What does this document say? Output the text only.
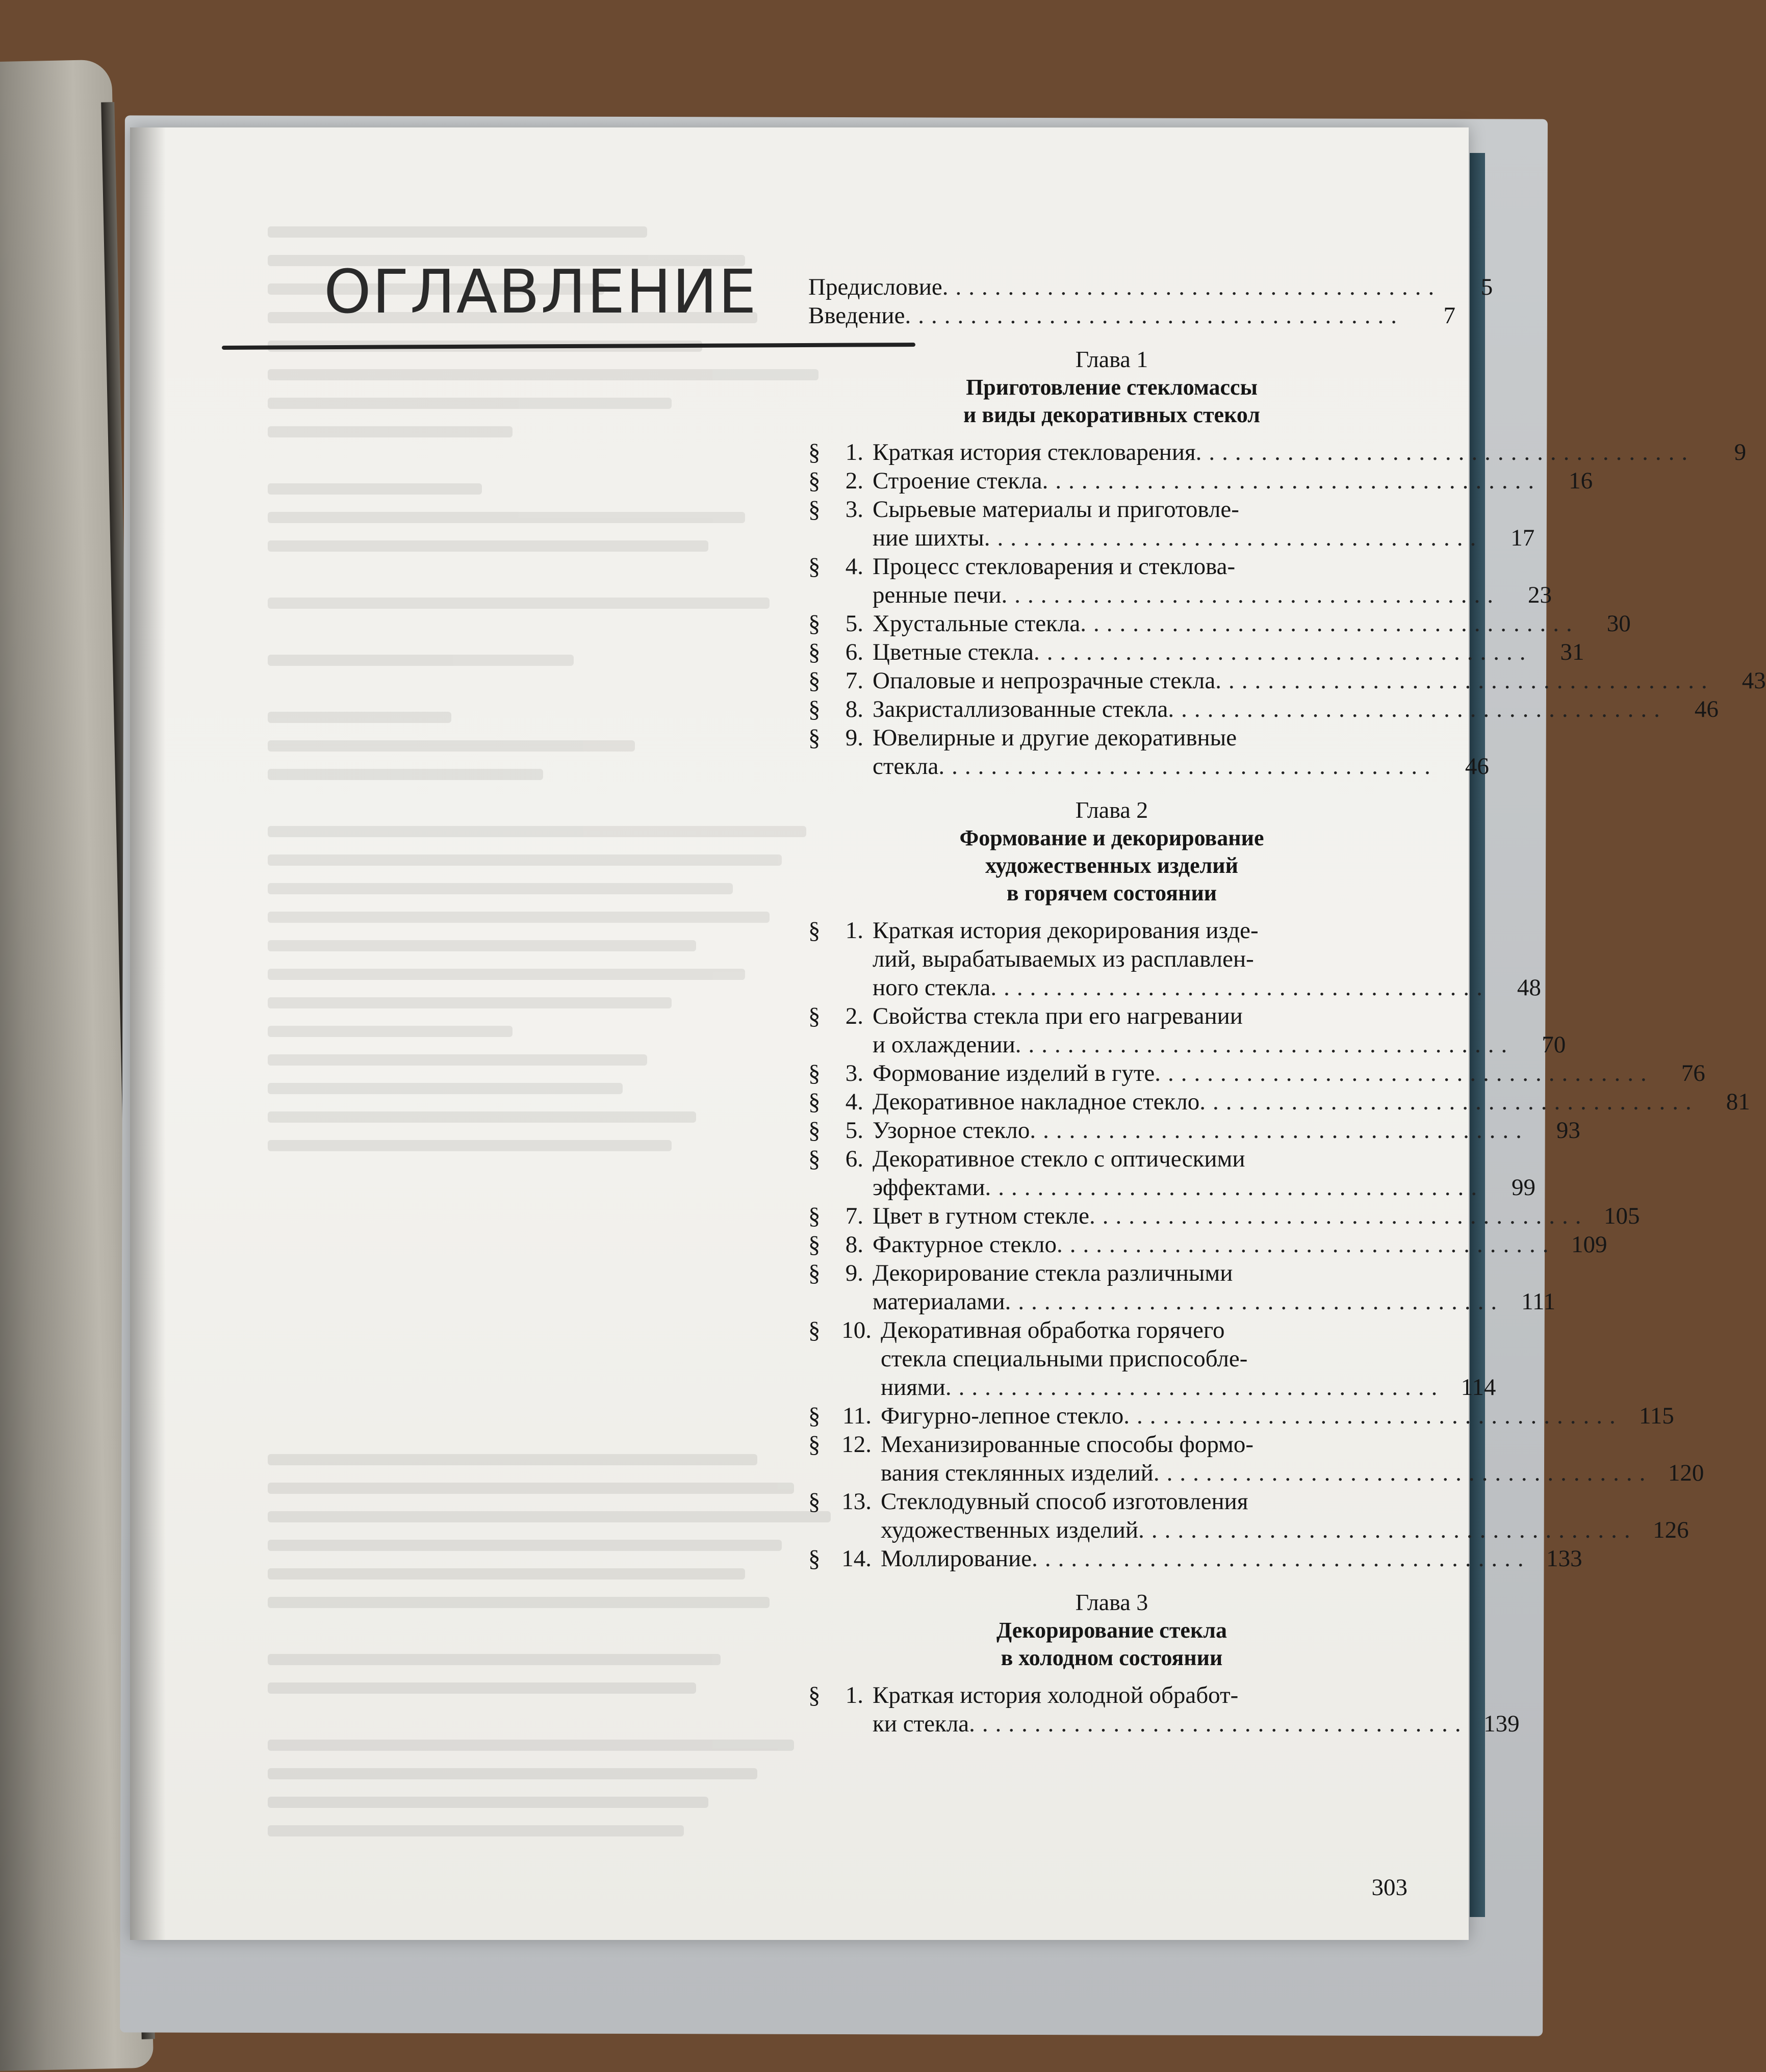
ОГЛАВЛЕНИЕ	Предисловие ......................................	5
Введение ......................................	7
Глава 1
Приготовление стекломассы
и виды декоративных стекол
§	1. Краткая история стекловарения ......................................	9
§	2. Строение стекла ......................................	16
§	3. Сырьевые материалы и приготовле-
ние шихты ......................................	17
§	4. Процесс стекловарения и стеклова-
ренные печи ......................................	23
§	5. Хрустальные стекла ......................................	30
§	6. Цветные стекла ......................................	31
§	7. Опаловые и непрозрачные стекла ......................................	43
§	8. Закристаллизованные стекла ......................................	46
§	9. Ювелирные и другие декоративные
стекла ......................................	46
Глава 2
Формование и декорирование
художественных изделий
в горячем состоянии
§	1. Краткая история декорирования изде-
лий, вырабатываемых из расплавлен-
ного стекла ......................................	48
§	2. Свойства стекла при его нагревании
и охлаждении ......................................	70
§	3. Формование изделий в гуте ......................................	76
§	4. Декоративное накладное стекло ......................................	81
§	5. Узорное стекло ......................................	93
§	6. Декоративное стекло с оптическими
эффектами ......................................	99
§	7. Цвет в гутном стекле ...................................... 105
§	8. Фактурное стекло ...................................... 109
§	9. Декорирование стекла различными
материалами ...................................... 111
§ 10. Декоративная обработка горячего
стекла специальными приспособле-
ниями ...................................... 114
§ 11. Фигурно-лепное стекло ...................................... 115
§ 12. Механизированные способы формо-
вания стеклянных изделий ...................................... 120
§ 13. Стеклодувный способ изготовления
художественных изделий ...................................... 126
§ 14. Моллирование ...................................... 133
Глава 3
Декорирование стекла
в холодном состоянии
§	1. Краткая история холодной обработ-
ки стекла ...................................... 139
303
